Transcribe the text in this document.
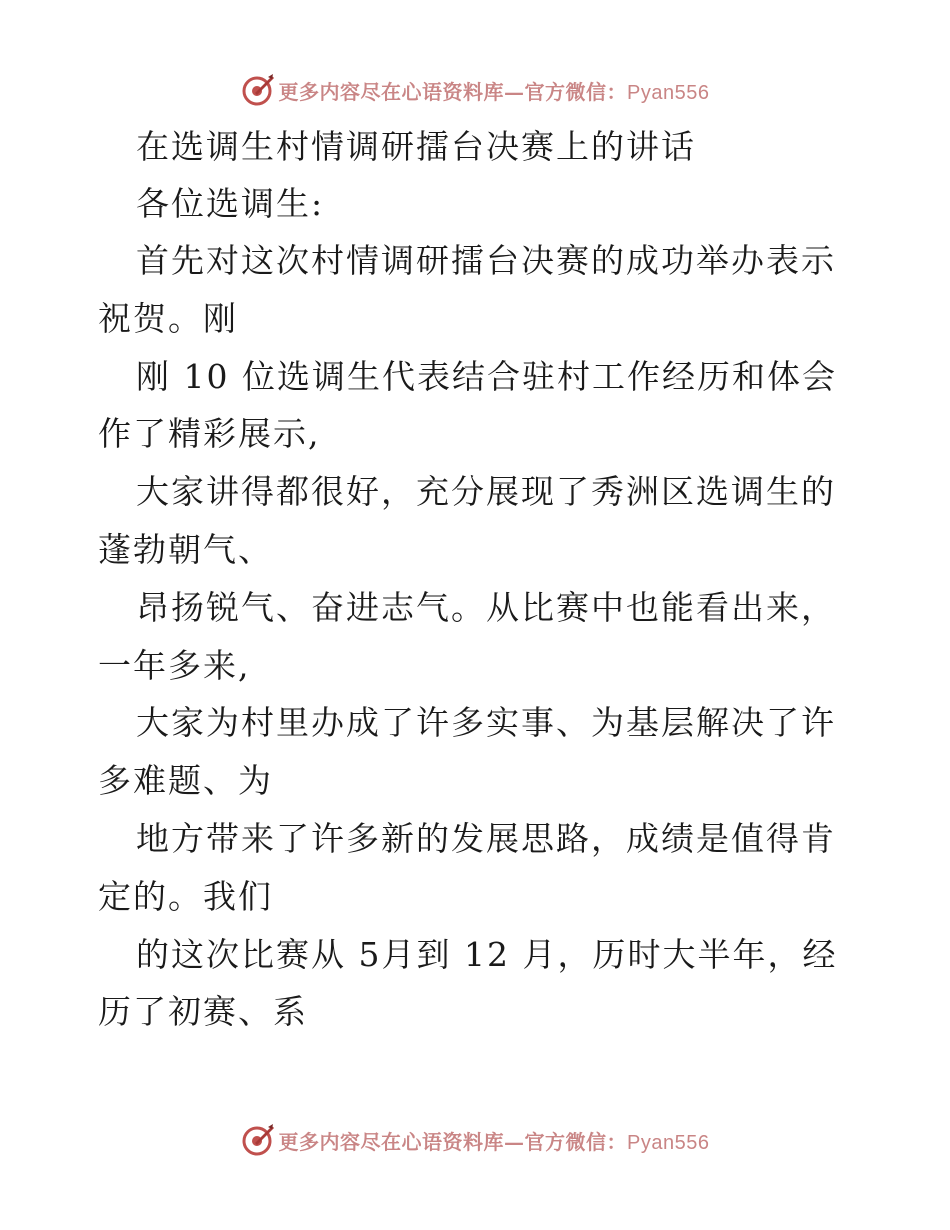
更多内容尽在心语资料库—官方微信：Pyan556

在选调生村情调研擂台决赛上的讲话

各位选调生:

首先对这次村情调研擂台决赛的成功举办表示祝贺。刚

刚 10 位选调生代表结合驻村工作经历和体会作了精彩展示,

大家讲得都很好，充分展现了秀洲区选调生的蓬勃朝气、

昂扬锐气、奋进志气。从比赛中也能看出来，一年多来,

大家为村里办成了许多实事、为基层解决了许多难题、为

地方带来了许多新的发展思路，成绩是值得肯定的。我们

的这次比赛从 5月到 12 月，历时大半年，经历了初赛、系

更多内容尽在心语资料库—官方微信：Pyan556
